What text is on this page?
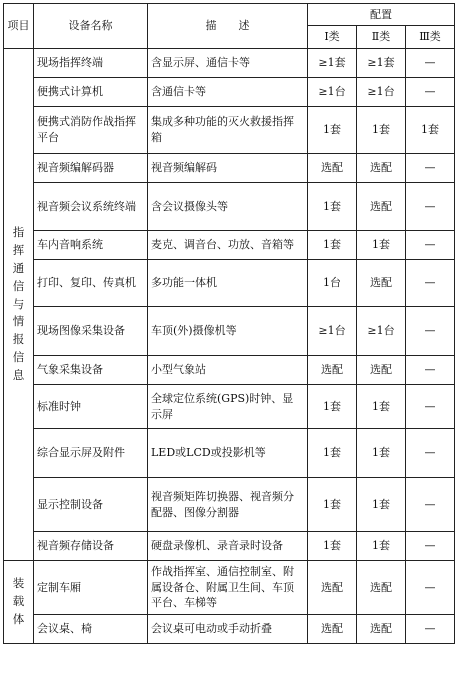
项目	设备名称	描　　述	配置		
			Ⅰ类	Ⅱ类	Ⅲ类
指挥通信与情报信息	现场指挥终端	含显示屏、通信卡等	≥1套	≥1套	—
	便携式计算机	含通信卡等	≥1台	≥1台	—
	便携式消防作战指挥平台	集成多种功能的灭火救援指挥箱	1套	1套	1套
	视音频编解码器	视音频编解码	选配	选配	—
	视音频会议系统终端	含会议摄像头等	1套	选配	—
	车内音响系统	麦克、调音台、功放、音箱等	1套	1套	—
	打印、复印、传真机	多功能一体机	1台	选配	—
	现场图像采集设备	车顶(外)摄像机等	≥1台	≥1台	—
	气象采集设备	小型气象站	选配	选配	—
	标准时钟	全球定位系统(GPS)时钟、显示屏	1套	1套	—
	综合显示屏及附件	LED或LCD或投影机等	1套	1套	—
	显示控制设备	视音频矩阵切换器、视音频分配器、图像分割器	1套	1套	—
	视音频存储设备	硬盘录像机、录音录时设备	1套	1套	—
装载体	定制车厢	作战指挥室、通信控制室、附属设备仓、附属卫生间、车顶平台、车梯等	选配	选配	—
	会议桌、椅	会议桌可电动或手动折叠	选配	选配	—
